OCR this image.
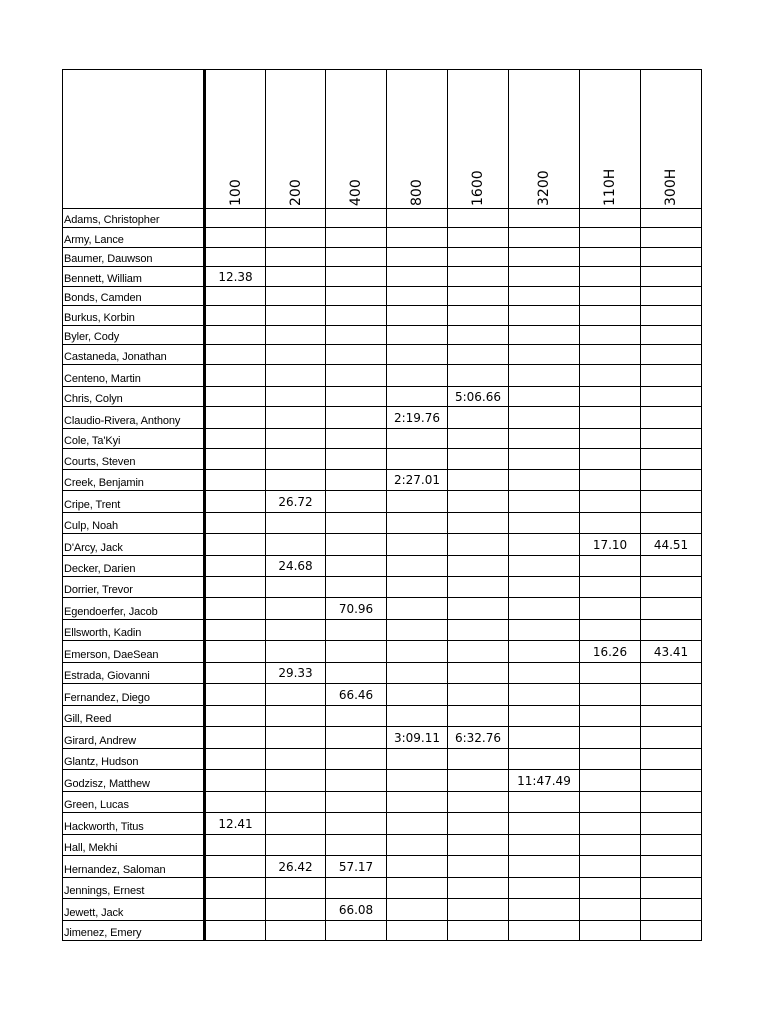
	100	200	400	800	1600	3200	110H	300H

Adams, Christopher								
Army, Lance								
Baumer, Dauwson								
Bennett, William	12.38							
Bonds, Camden								
Burkus, Korbin								
Byler, Cody								
Castaneda, Jonathan								
Centeno, Martin								
Chris, Colyn					5:06.66			
Claudio-Rivera, Anthony				2:19.76				
Cole, Ta'Kyi								
Courts, Steven								
Creek, Benjamin				2:27.01				
Cripe, Trent		26.72						
Culp, Noah								
D'Arcy, Jack							17.10	44.51
Decker, Darien		24.68						
Dorrier, Trevor								
Egendoerfer, Jacob			70.96					
Ellsworth, Kadin								
Emerson, DaeSean							16.26	43.41
Estrada, Giovanni		29.33						
Fernandez, Diego			66.46					
Gill, Reed								
Girard, Andrew				3:09.11	6:32.76			
Glantz, Hudson								
Godzisz, Matthew						11:47.49		
Green, Lucas								
Hackworth, Titus	12.41							
Hall, Mekhi								
Hernandez, Saloman		26.42	57.17					
Jennings, Ernest								
Jewett, Jack			66.08					
Jimenez, Emery								
